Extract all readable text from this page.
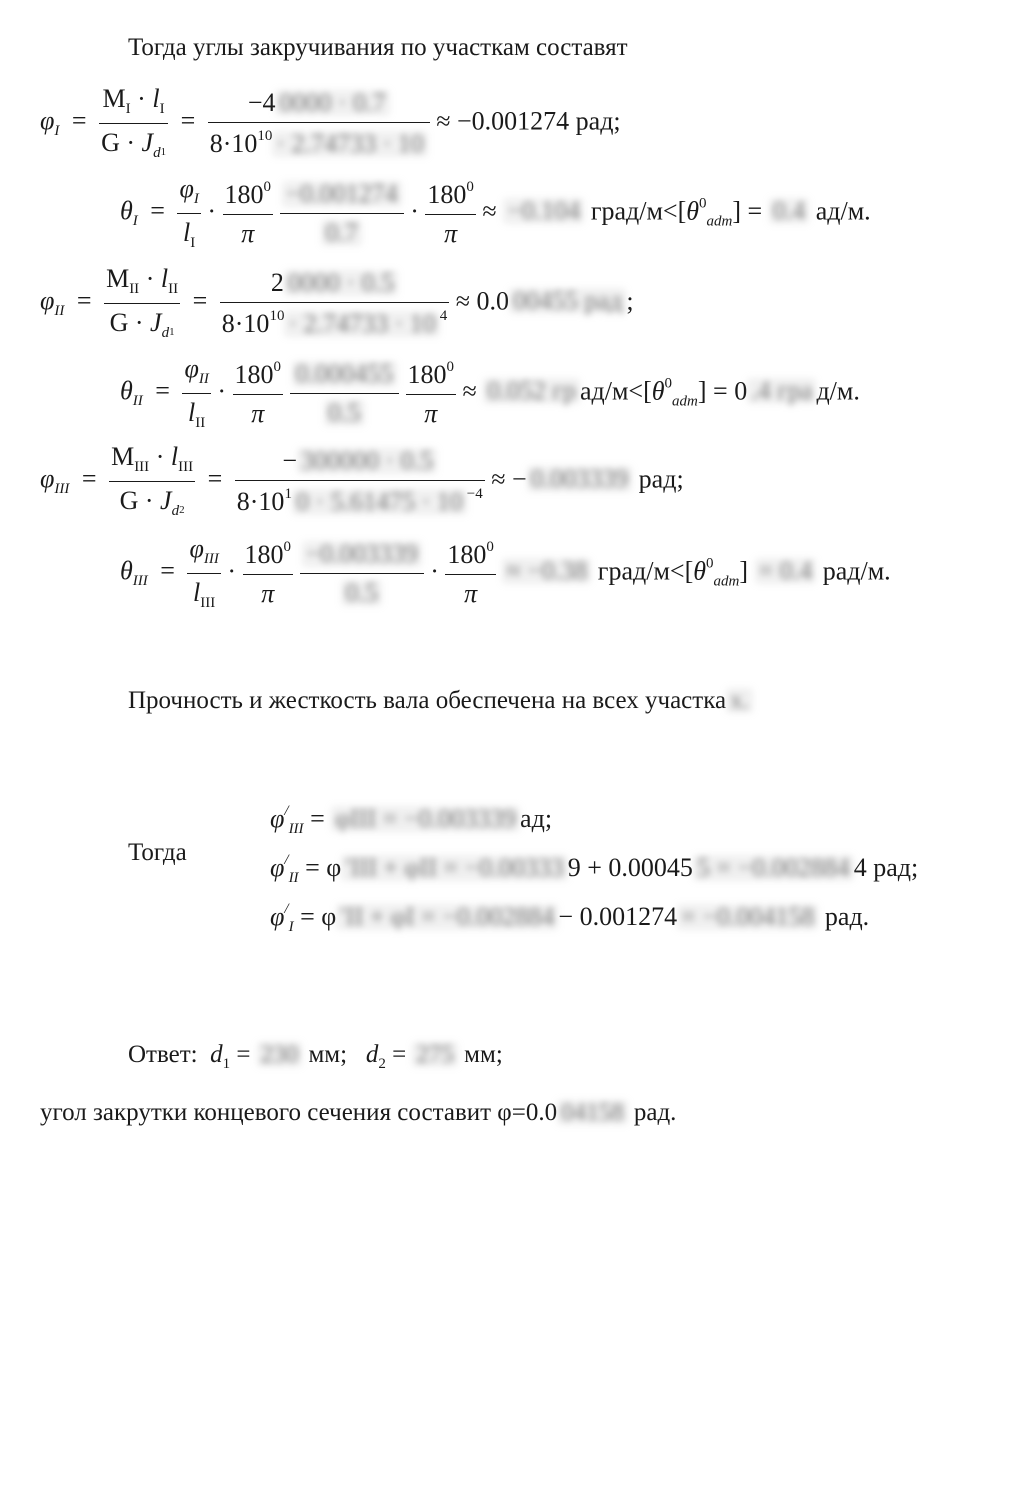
Тогда углы закручивания по участкам составят
$\varphi_I = \frac{M_I \cdot l_I}{G \cdot J_d1} = \frac{-4 0000 \cdot 0.7}{8\cdot 10^{10}\cdot 2.74733 \cdot 10} \approx -0.001274$ рад;
$\theta_I = \frac{\varphi_I}{l_I} \cdot \frac{180^0}{\pi}$
$\frac{-0.001274}{0.7} \cdot \frac{180^0}{\pi} \approx -0.104$ град/$м<[\theta^0_{adm}] = 0.4$ ад/м.
$\varphi_{II} = \frac{M_{II} \cdot l_{II}}{G \cdot J_d1} = \frac{2 0000 \cdot 0.5}{8\cdot 10^{10}\cdot 2.74733 \cdot 10 ^4} \approx 0.0$ 00455 рад ;
$\theta_{II} = \frac{\varphi_{II}}{l_{II}} \cdot \frac{180^0}{\pi}$
$\frac{0.000455}{0.5}$
$\frac{180^0}{\pi} \approx 0.052$ гр $ад/м<[\theta^0_{adm}] = 0$ .4 гра д/м.
$\varphi_{III} = \frac{M_{III} \cdot l_{III}}{G \cdot J_d2} = \frac{- 300000 \cdot 0.5}{8\cdot 10^1 0 \cdot 5.61475 \cdot 10 ^{-4}}$ ≈ − 0.003339 рад;
$\theta_{III} = \frac{\varphi_{III}}{l_{III}} \cdot \frac{180^0}{\pi}$
$\frac{-0.003339}{0.5} \cdot \frac{180^0}{\pi} \approx -0.38$ град/$м<[\theta^0_{adm}] = 0.4$ рад/м.
Прочность и жесткость вала обеспечена на всех участка х.
Тогда
$\varphi^/_{III} = \varphi III = -0.003339$ ад;
$\varphi^/_{II} = \varphi$ ′III + φII = −0.00333 9 + 0.00045 5 = −0.002884 4 рад;
$\varphi^/_I = \varphi$ ′II + φI = −0.002884 − 0.001274= −0.004158 рад.
Ответ: $d_1 = 230$ мм; $d_2 = 275$ мм;
угол закрутки концевого сечения составит φ=0.0 04158 рад.
